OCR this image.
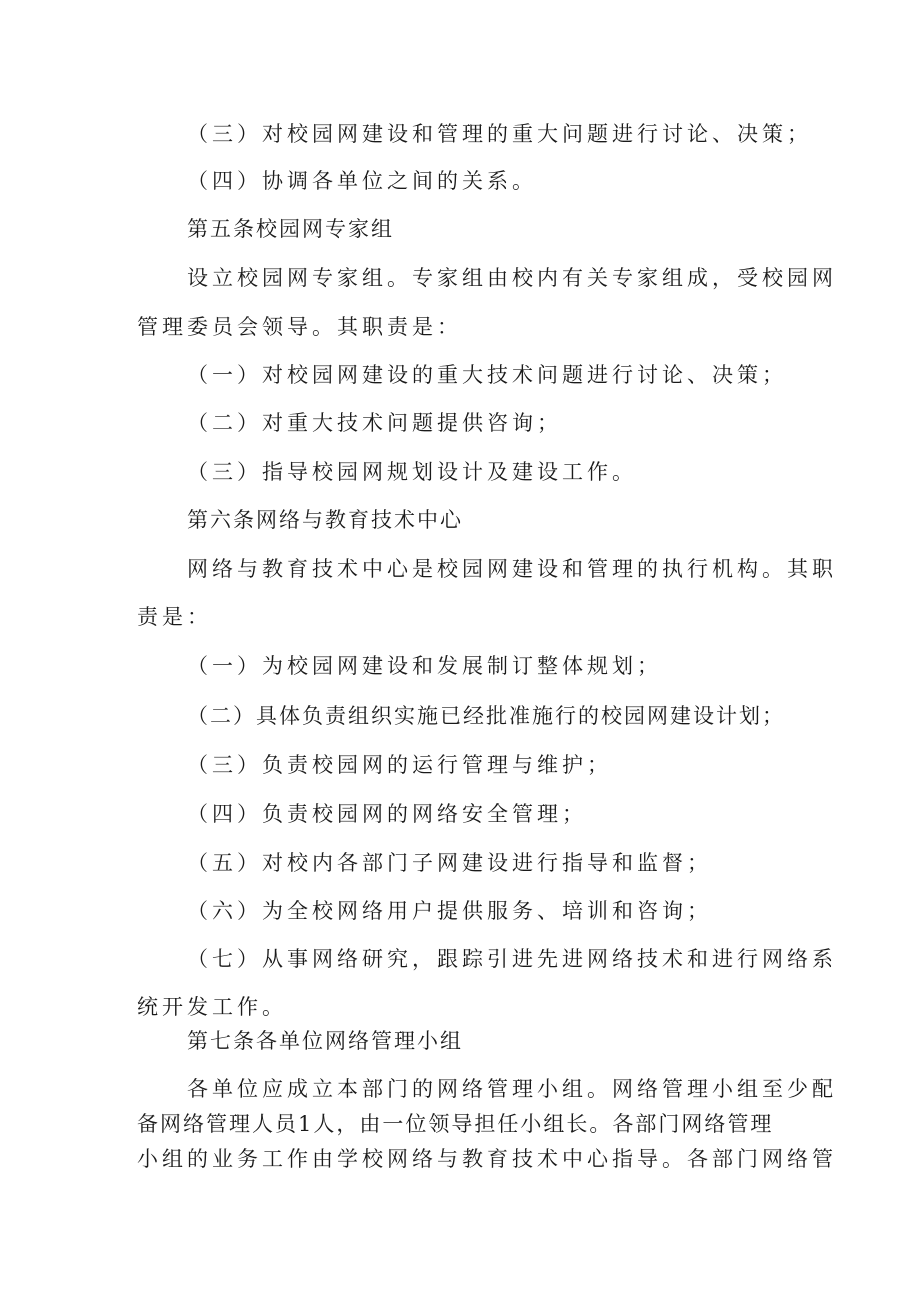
（三）对校园网建设和管理的重大问题进行讨论、决策；
（四）协调各单位之间的关系。
第五条校园网专家组
设立校园网专家组。专家组由校内有关专家组成，受校园网
管理委员会领导。其职责是：
（一）对校园网建设的重大技术问题进行讨论、决策；
（二）对重大技术问题提供咨询；
（三）指导校园网规划设计及建设工作。
第六条网络与教育技术中心
网络与教育技术中心是校园网建设和管理的执行机构。其职
责是：
（一）为校园网建设和发展制订整体规划；
（二）具体负责组织实施已经批准施行的校园网建设计划；
（三）负责校园网的运行管理与维护；
（四）负责校园网的网络安全管理；
（五）对校内各部门子网建设进行指导和监督；
（六）为全校网络用户提供服务、培训和咨询；
（七）从事网络研究，跟踪引进先进网络技术和进行网络系
统开发工作。
第七条各单位网络管理小组
各单位应成立本部门的网络管理小组。网络管理小组至少配
备网络管理人员1人，由一位领导担任小组长。各部门网络管理
小组的业务工作由学校网络与教育技术中心指导。各部门网络管
